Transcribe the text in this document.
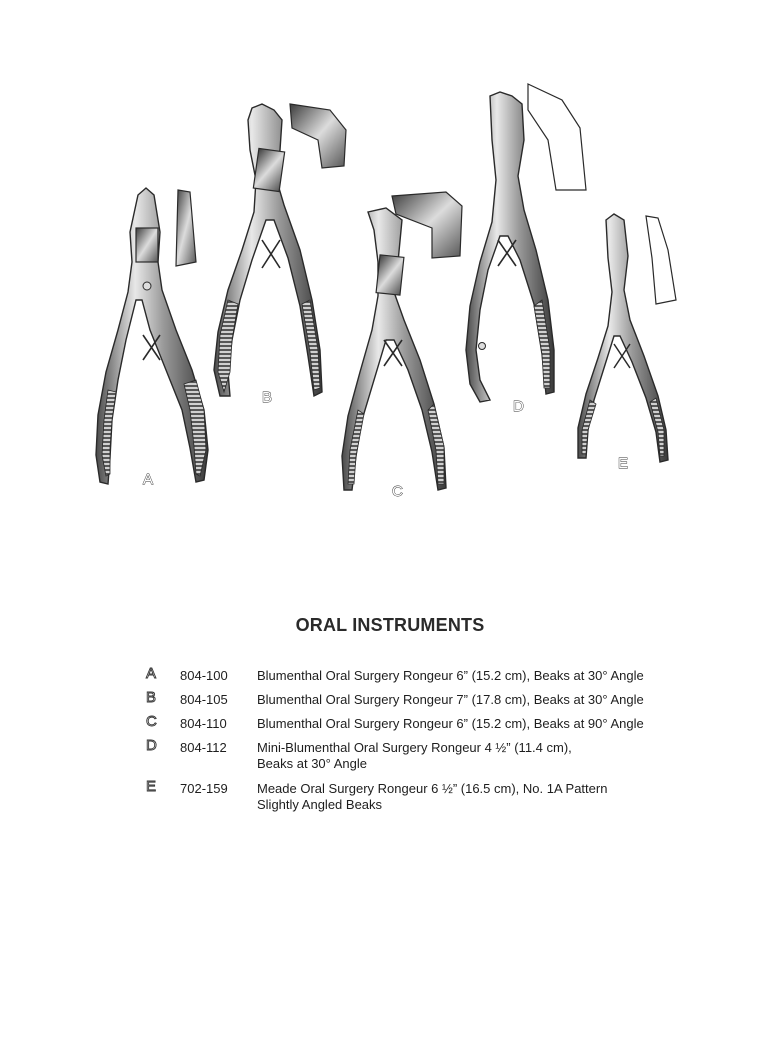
A
B
C
D
E
ORAL INSTRUMENTS
A	804-100	Blumenthal Oral Surgery Rongeur 6” (15.2 cm), Beaks at 30° Angle
B	804-105	Blumenthal Oral Surgery Rongeur 7” (17.8 cm), Beaks at 30° Angle
C	804-110	Blumenthal Oral Surgery Rongeur 6” (15.2 cm), Beaks at 90° Angle
D	804-112	Mini-Blumenthal Oral Surgery Rongeur 4 ½” (11.4 cm),
Beaks at 30° Angle
E	702-159	Meade Oral Surgery Rongeur 6 ½” (16.5 cm), No. 1A Pattern
Slightly Angled Beaks
